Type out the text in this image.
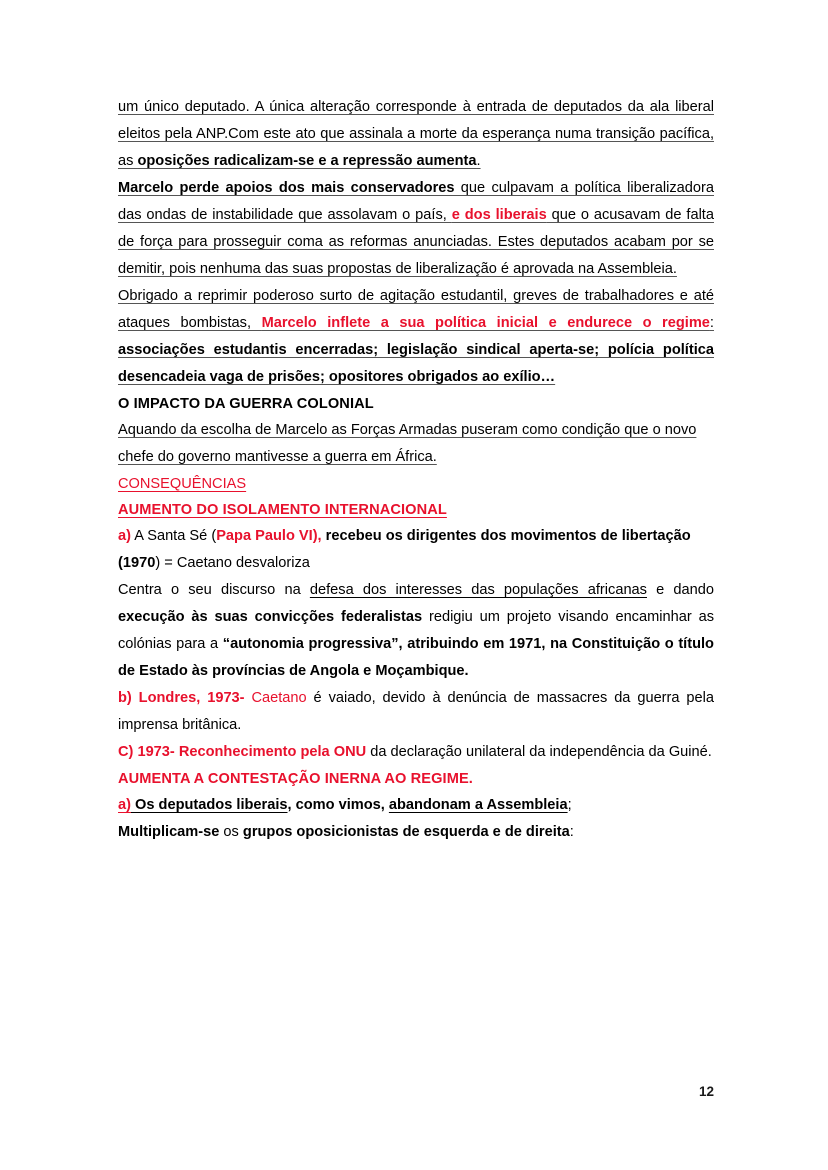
um único deputado. A única alteração corresponde à entrada de deputados da ala liberal eleitos pela ANP.Com este ato que assinala a morte da esperança numa transição pacífica, as oposições radicalizam-se e a repressão aumenta.

Marcelo perde apoios dos mais conservadores que culpavam a política liberalizadora das ondas de instabilidade que assolavam o país, e dos liberais que o acusavam de falta de força para prosseguir coma as reformas anunciadas. Estes deputados acabam por se demitir, pois nenhuma das suas propostas de liberalização é aprovada na Assembleia.

Obrigado a reprimir poderoso surto de agitação estudantil, greves de trabalhadores e até ataques bombistas, Marcelo inflete a sua política inicial e endurece o regime: associações estudantis encerradas; legislação sindical aperta-se; polícia política desencadeia vaga de prisões; opositores obrigados ao exílio…

O IMPACTO DA GUERRA COLONIAL

Aquando da escolha de Marcelo as Forças Armadas puseram como condição que o novo chefe do governo mantivesse a guerra em África.

CONSEQUÊNCIAS

AUMENTO DO ISOLAMENTO INTERNACIONAL

a) A Santa Sé (Papa Paulo VI), recebeu os dirigentes dos movimentos de libertação (1970) = Caetano desvaloriza

Centra o seu discurso na defesa dos interesses das populações africanas e dando execução às suas convicções federalistas redigiu um projeto visando encaminhar as colónias para a “autonomia progressiva”, atribuindo em 1971, na Constituição o título de Estado às províncias de Angola e Moçambique.

b) Londres, 1973- Caetano é vaiado, devido à denúncia de massacres da guerra pela imprensa britânica.

C) 1973- Reconhecimento pela ONU da declaração unilateral da independência da Guiné.

AUMENTA A CONTESTAÇÃO INERNA AO REGIME.

a) Os deputados liberais, como vimos, abandonam a Assembleia;

Multiplicam-se os grupos oposicionistas de esquerda e de direita:

12
